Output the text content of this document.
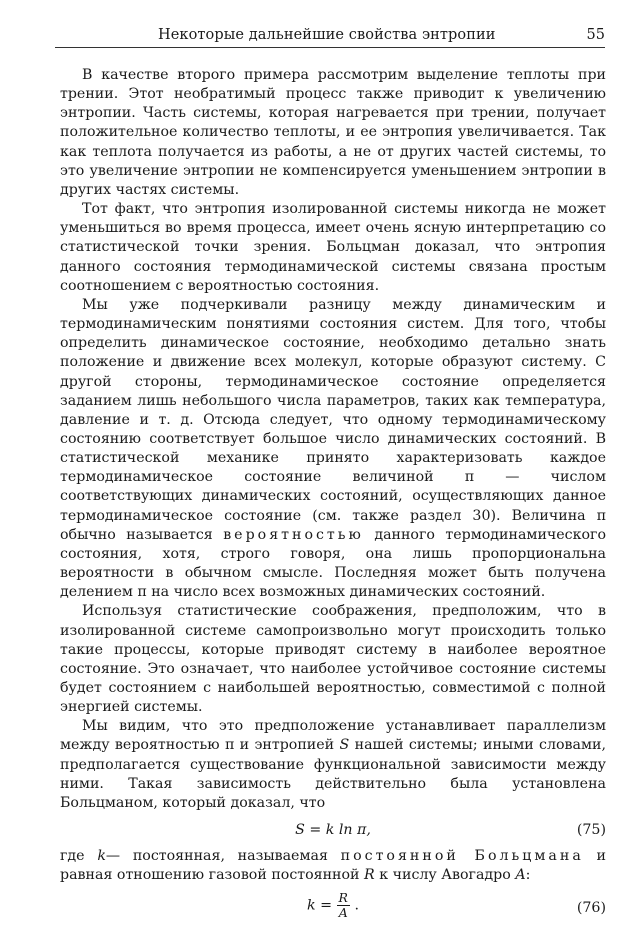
Некоторые дальнейшие свойства энтропии	55

В качестве второго примера рассмотрим выделение теплоты при трении. Этот необратимый процесс также приводит к увеличению энтропии. Часть системы, которая нагревается при трении, получает положительное количество теплоты, и ее энтропия увеличивается. Так как теплота получается из работы, а не от других частей системы, то это увеличение энтропии не компенсируется уменьшением энтропии в других частях системы.

Тот факт, что энтропия изолированной системы никогда не может уменьшиться во время процесса, имеет очень ясную интерпретацию со статистической точки зрения. Больцман доказал, что энтропия данного состояния термодинамической системы связана простым соотношением с вероятностью состояния.

Мы уже подчеркивали разницу между динамическим и термодинамическим понятиями состояния систем. Для того, чтобы определить динамическое состояние, необходимо детально знать положение и движение всех молекул, которые образуют систему. С другой стороны, термодинамическое состояние определяется заданием лишь небольшого числа параметров, таких как температура, давление и т. д. Отсюда следует, что одному термодинамическому состоянию соответствует большое число динамических состояний. В статистической механике принято характеризовать каждое термодинамическое состояние величиной π — числом соответствующих динамических состояний, осуществляющих данное термодинамическое состояние (см. также раздел 30). Величина π обычно называется вероятностью данного термодинамического состояния, хотя, строго говоря, она лишь пропорциональна вероятности в обычном смысле. Последняя может быть получена делением π на число всех возможных динамических состояний.

Используя статистические соображения, предположим, что в изолированной системе самопроизвольно могут происходить только такие процессы, которые приводят систему в наиболее вероятное состояние. Это означает, что наиболее устойчивое состояние системы будет состоянием с наибольшей вероятностью, совместимой с полной энергией системы.

Мы видим, что это предположение устанавливает параллелизм между вероятностью π и энтропией S нашей системы; иными словами, предполагается существование функциональной зависимости между ними. Такая зависимость действительно была установлена Больцманом, который доказал, что

S = k ln π,	(75)

где k— постоянная, называемая постоянной Больцмана и равная отношению газовой постоянной R к числу Авогадро A:

$k = \frac{R}{A}$ .	(76)
